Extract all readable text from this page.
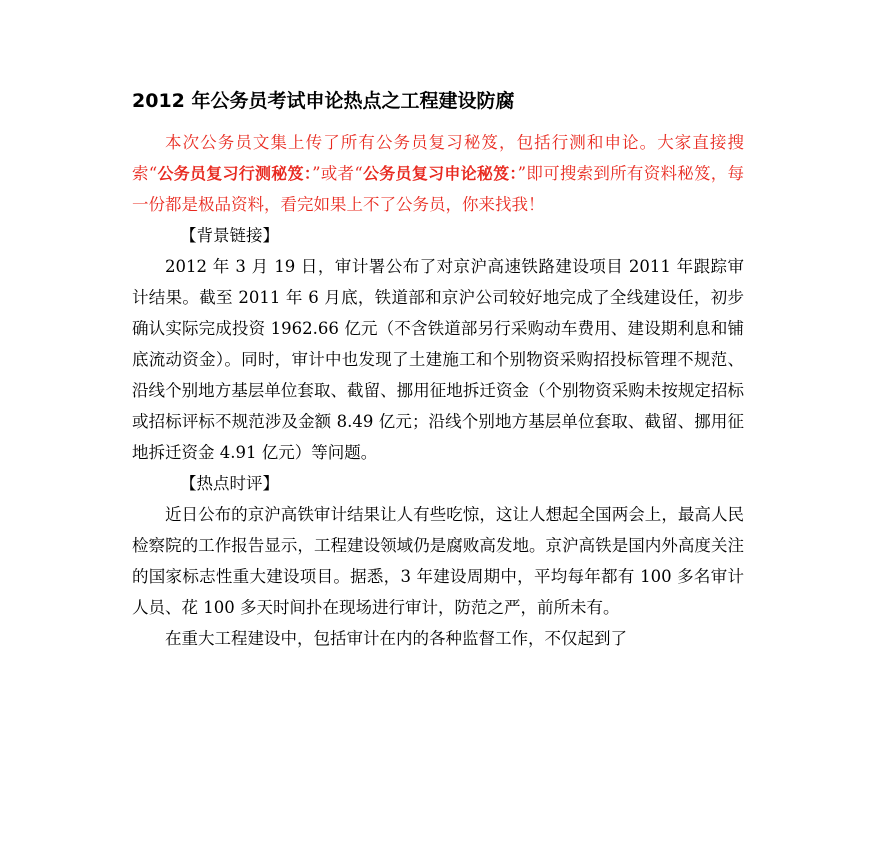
2012 年公务员考试申论热点之工程建设防腐

本次公务员文集上传了所有公务员复习秘笈，包括行测和申论。大家直接搜索“公务员复习行测秘笈：”或者“公务员复习申论秘笈：”即可搜索到所有资料秘笈，每一份都是极品资料，看完如果上不了公务员，你来找我！

【背景链接】

2012 年 3 月 19 日，审计署公布了对京沪高速铁路建设项目 2011 年跟踪审计结果。截至 2011 年 6 月底，铁道部和京沪公司较好地完成了全线建设任，初步确认实际完成投资 1962.66 亿元（不含铁道部另行采购动车费用、建设期利息和铺底流动资金）。同时，审计中也发现了土建施工和个别物资采购招投标管理不规范、沿线个别地方基层单位套取、截留、挪用征地拆迁资金（个别物资采购未按规定招标或招标评标不规范涉及金额 8.49 亿元；沿线个别地方基层单位套取、截留、挪用征地拆迁资金 4.91 亿元）等问题。

【热点时评】

近日公布的京沪高铁审计结果让人有些吃惊，这让人想起全国两会上，最高人民检察院的工作报告显示，工程建设领域仍是腐败高发地。京沪高铁是国内外高度关注的国家标志性重大建设项目。据悉，3 年建设周期中，平均每年都有 100 多名审计人员、花 100 多天时间扑在现场进行审计，防范之严，前所未有。

在重大工程建设中，包括审计在内的各种监督工作，不仅起到了
